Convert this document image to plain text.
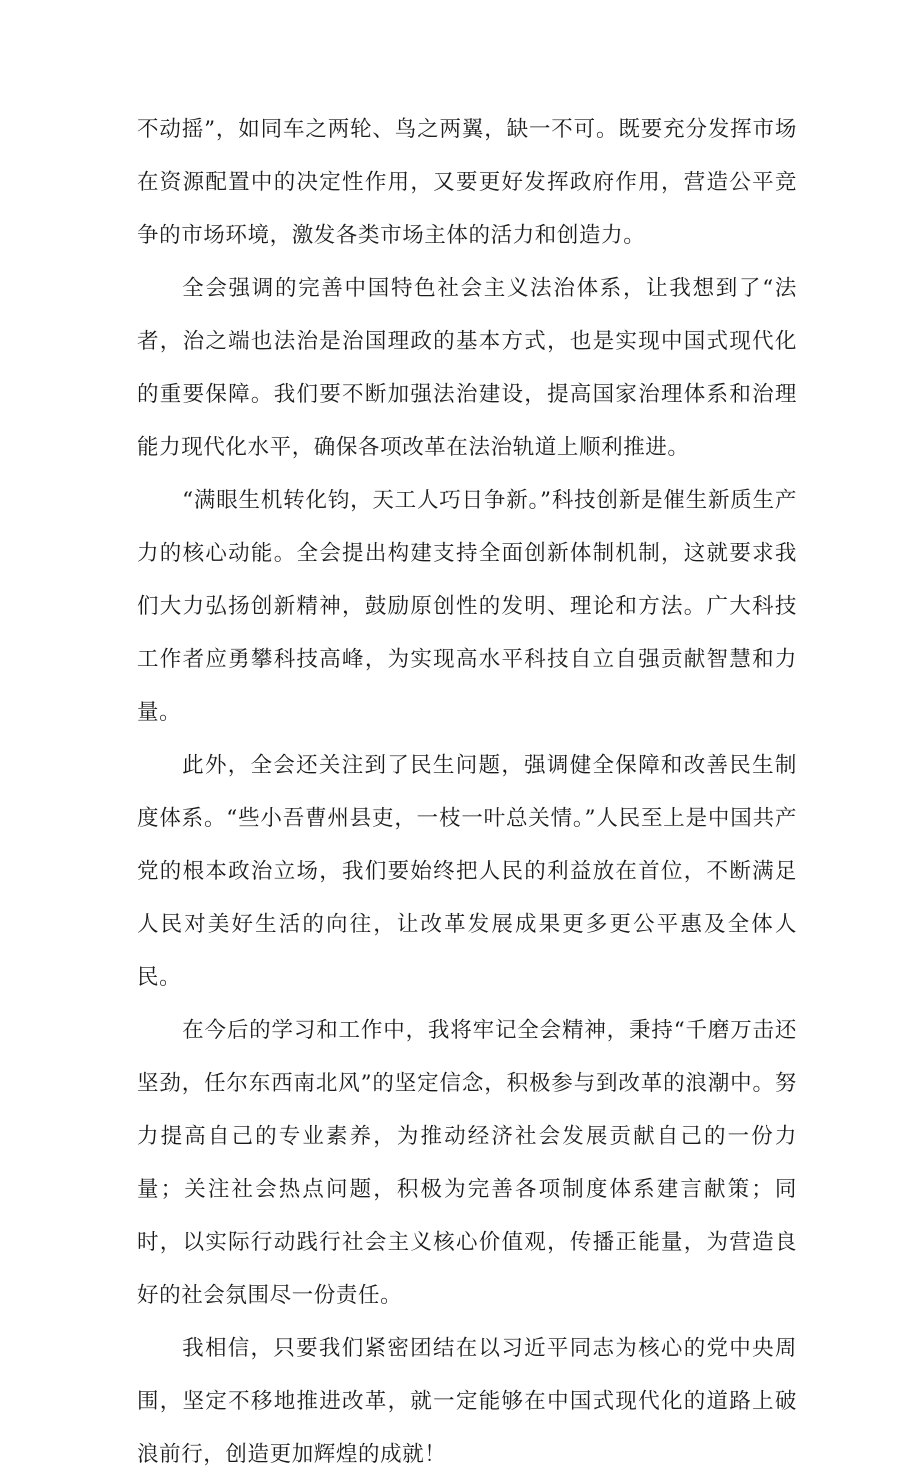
不动摇”，如同车之两轮、鸟之两翼，缺一不可。既要充分发挥市场在资源配置中的决定性作用，又要更好发挥政府作用，营造公平竞争的市场环境，激发各类市场主体的活力和创造力。

全会强调的完善中国特色社会主义法治体系，让我想到了“法者，治之端也法治是治国理政的基本方式，也是实现中国式现代化的重要保障。我们要不断加强法治建设，提高国家治理体系和治理能力现代化水平，确保各项改革在法治轨道上顺利推进。

“满眼生机转化钧，天工人巧日争新。”科技创新是催生新质生产力的核心动能。全会提出构建支持全面创新体制机制，这就要求我们大力弘扬创新精神，鼓励原创性的发明、理论和方法。广大科技工作者应勇攀科技高峰，为实现高水平科技自立自强贡献智慧和力量。

此外，全会还关注到了民生问题，强调健全保障和改善民生制度体系。“些小吾曹州县吏，一枝一叶总关情。”人民至上是中国共产党的根本政治立场，我们要始终把人民的利益放在首位，不断满足人民对美好生活的向往，让改革发展成果更多更公平惠及全体人民。

在今后的学习和工作中，我将牢记全会精神，秉持“千磨万击还坚劲，任尔东西南北风”的坚定信念，积极参与到改革的浪潮中。努力提高自己的专业素养，为推动经济社会发展贡献自己的一份力量；关注社会热点问题，积极为完善各项制度体系建言献策；同时，以实际行动践行社会主义核心价值观，传播正能量，为营造良好的社会氛围尽一份责任。

我相信，只要我们紧密团结在以习近平同志为核心的党中央周围，坚定不移地推进改革，就一定能够在中国式现代化的道路上破浪前行，创造更加辉煌的成就！
